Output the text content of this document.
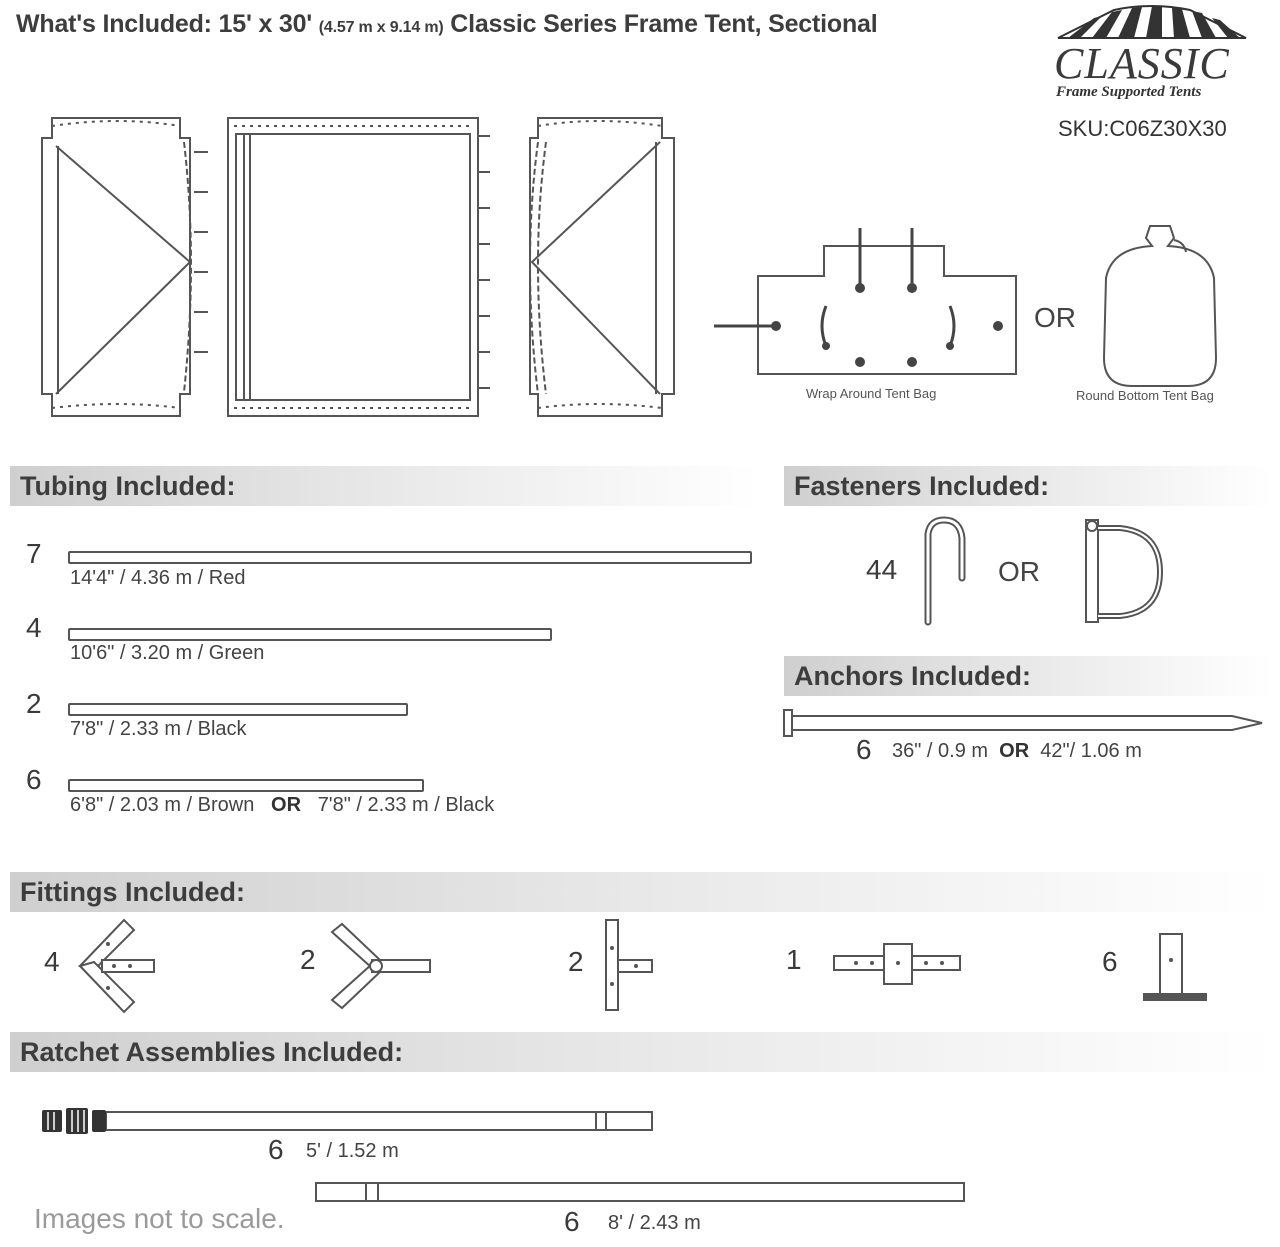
What's Included: 15' x 30' (4.57 m x 9.14 m) Classic Series Frame Tent, Sectional
CLASSIC
Frame Supported Tents
SKU:C06Z30X30
Wrap Around Tent Bag
OR
Round Bottom Tent Bag
Tubing Included:
7
14'4" / 4.36 m / Red
4
10'6" / 3.20 m / Green
2
7'8" / 2.33 m / Black
6
6'8" / 2.03 m / Brown OR 7'8" / 2.33 m / Black
Fasteners Included:
44	OR
Anchors Included:
6 36" / 0.9 m OR 42"/ 1.06 m
Fittings Included:
4	2	2	1	6
Ratchet Assemblies Included:
6 5' / 1.52 m
6 8' / 2.43 m
Images not to scale.
